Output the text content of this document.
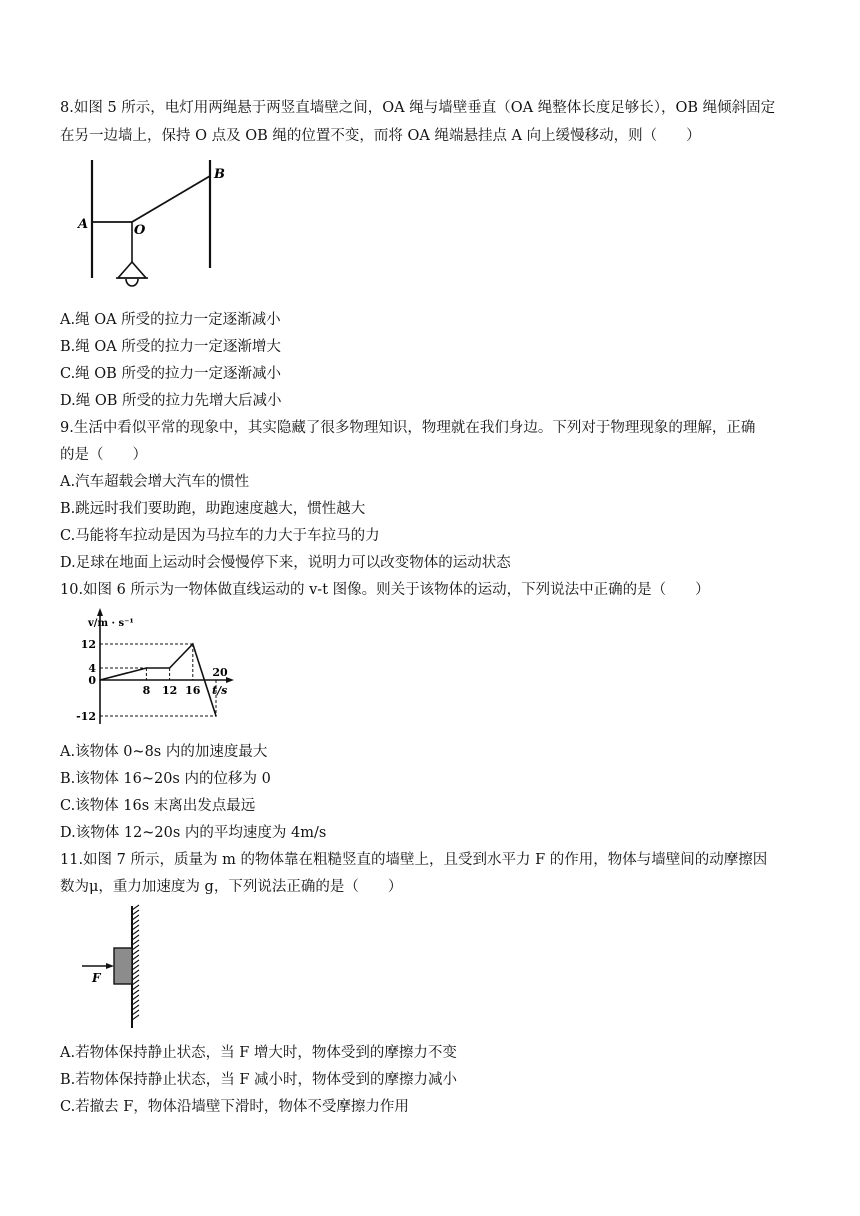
8.如图 5 所示，电灯用两绳悬于两竖直墙壁之间，OA 绳与墙壁垂直（OA 绳整体长度足够长），OB 绳倾斜固定
在另一边墙上，保持 O 点及 OB 绳的位置不变，而将 OA 绳端悬挂点 A 向上缓慢移动，则（　　）
A	O
B
A.绳 OA 所受的拉力一定逐渐减小
B.绳 OA 所受的拉力一定逐渐增大
C.绳 OB 所受的拉力一定逐渐减小
D.绳 OB 所受的拉力先增大后减小
9.生活中看似平常的现象中，其实隐藏了很多物理知识，物理就在我们身边。下列对于物理现象的理解，正确
的是（　　）
A.汽车超载会增大汽车的惯性
B.跳远时我们要助跑，助跑速度越大，惯性越大
C.马能将车拉动是因为马拉车的力大于车拉马的力
D.足球在地面上运动时会慢慢停下来，说明力可以改变物体的运动状态
10.如图 6 所示为一物体做直线运动的 v-t 图像。则关于该物体的运动，下列说法中正确的是（　　）
v/m · s⁻¹
t/s
12
4
0
-12
8 12 16
20
A.该物体 0~8s 内的加速度最大
B.该物体 16~20s 内的位移为 0
C.该物体 16s 末离出发点最远
D.该物体 12~20s 内的平均速度为 4m/s
11.如图 7 所示，质量为 m 的物体靠在粗糙竖直的墙壁上，且受到水平力 F 的作用，物体与墙壁间的动摩擦因
数为μ，重力加速度为 g，下列说法正确的是（　　）
F
A.若物体保持静止状态，当 F 增大时，物体受到的摩擦力不变
B.若物体保持静止状态，当 F 减小时，物体受到的摩擦力减小
C.若撤去 F，物体沿墙壁下滑时，物体不受摩擦力作用
